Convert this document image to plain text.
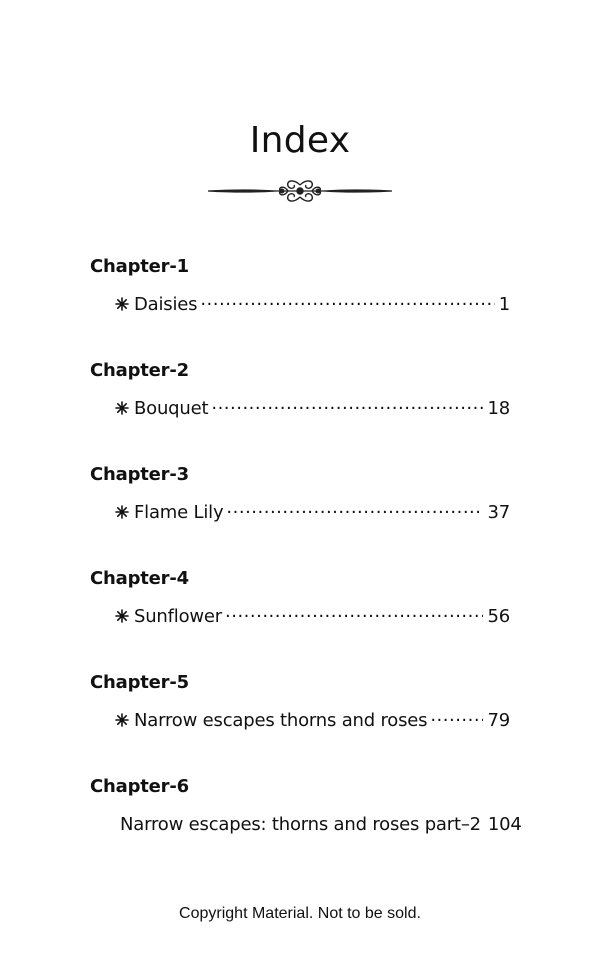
Index
Chapter-1
Daisies .....	1
Chapter-2
Bouquet .....	18
Chapter-3
Flame Lily .....	37
Chapter-4
Sunflower .....	56
Chapter-5
Narrow escapes thorns and roses .....	79
Chapter-6
Narrow escapes: thorns and roses part–2 104
Copyright Material. Not to be sold.
